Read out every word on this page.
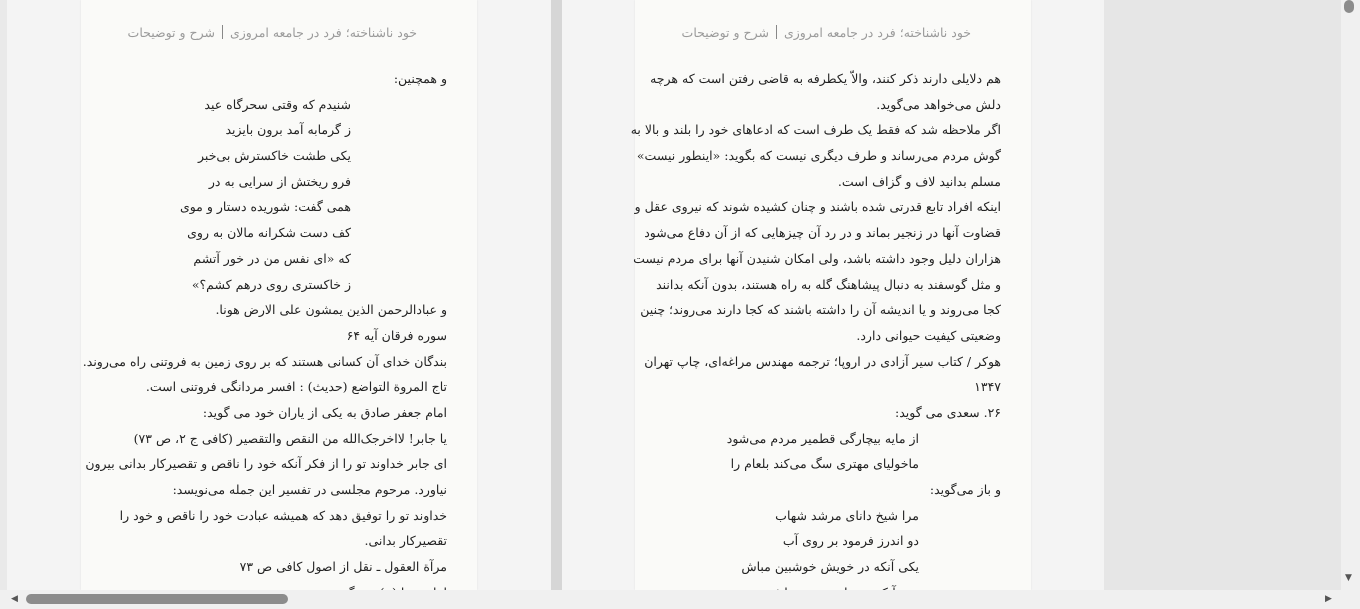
خود ناشناخته؛ فرد در جامعه امروزیشرح و توضیحات
و همچنین:
شنیدم که وقتی سحرگاه عید
ز گرمابه آمد برون بایزید
یکی طشت خاکسترش بی‌خبر
فرو ریختش از سرایی به در
همی گفت: شوریده دستار و موی
کف دست شکرانه مالان به روی
که «ای نفس من در خور آتشم
ز خاکستری روی درهم کشم؟»
و عبادالرحمن الذین یمشون علی الارض هونا.
سوره فرقان آیه ۶۴
بندگان خدای آن کسانی هستند که بر روی زمین به فروتنی راه می‌روند.
تاج المروة التواضع (حدیث) : افسر مردانگی فروتنی است.
امام جعفر صادق به یکی از یاران خود می گوید:
یا جابر! لااخرجک‌الله من النقص والتقصیر (کافی ج ۲، ص ۷۳)
ای جابر خداوند تو را از فکر آنکه خود را ناقص و تقصیرکار بدانی بیرون
نیاورد. مرحوم مجلسی در تفسیر این جمله می‌نویسد:
خداوند تو را توفیق دهد که همیشه عبادت خود را ناقص و خود را
تقصیرکار بدانی.
مرآة العقول ـ نقل از اصول کافی ص ۷۳
خود ناشناخته؛ فرد در جامعه امروزیشرح و توضیحات
هم دلایلی دارند ذکر کنند، والاّ یکطرفه به قاضی رفتن است که هرچه
دلش می‌خواهد می‌گوید.
اگر ملاحظه شد که فقط یک طرف است که ادعاهای خود را بلند و بالا به
گوش مردم می‌رساند و طرف دیگری نیست که بگوید: «اینطور نیست»
مسلم بدانید لاف و گزاف است.
اینکه افراد تابع قدرتی شده باشند و چنان کشیده شوند که نیروی عقل و
قضاوت آنها در زنجیر بماند و در رد آن چیزهایی که از آن دفاع می‌شود
هزاران دلیل وجود داشته باشد، ولی امکان شنیدن آنها برای مردم نیست
و مثل گوسفند به دنبال پیشاهنگ گله به راه هستند، بدون آنکه بدانند
کجا می‌روند و یا اندیشه آن را داشته باشند که کجا دارند می‌روند؛ چنین
وضعیتی کیفیت حیوانی دارد.
هوکر / کتاب سیر آزادی در اروپا؛ ترجمه مهندس مراغه‌ای، چاپ تهران
۱۳۴۷
۲۶. سعدی می گوید:
از مایه بیچارگی قطمیر مردم می‌شود
ماخولیای مهتری سگ می‌کند بلعام را
و باز می‌گوید:
مرا شیخ دانای مرشد شهاب
دو اندرز فرمود بر روی آب
یکی آنکه در خویش خوشبین مباش
▼
◀	▶
